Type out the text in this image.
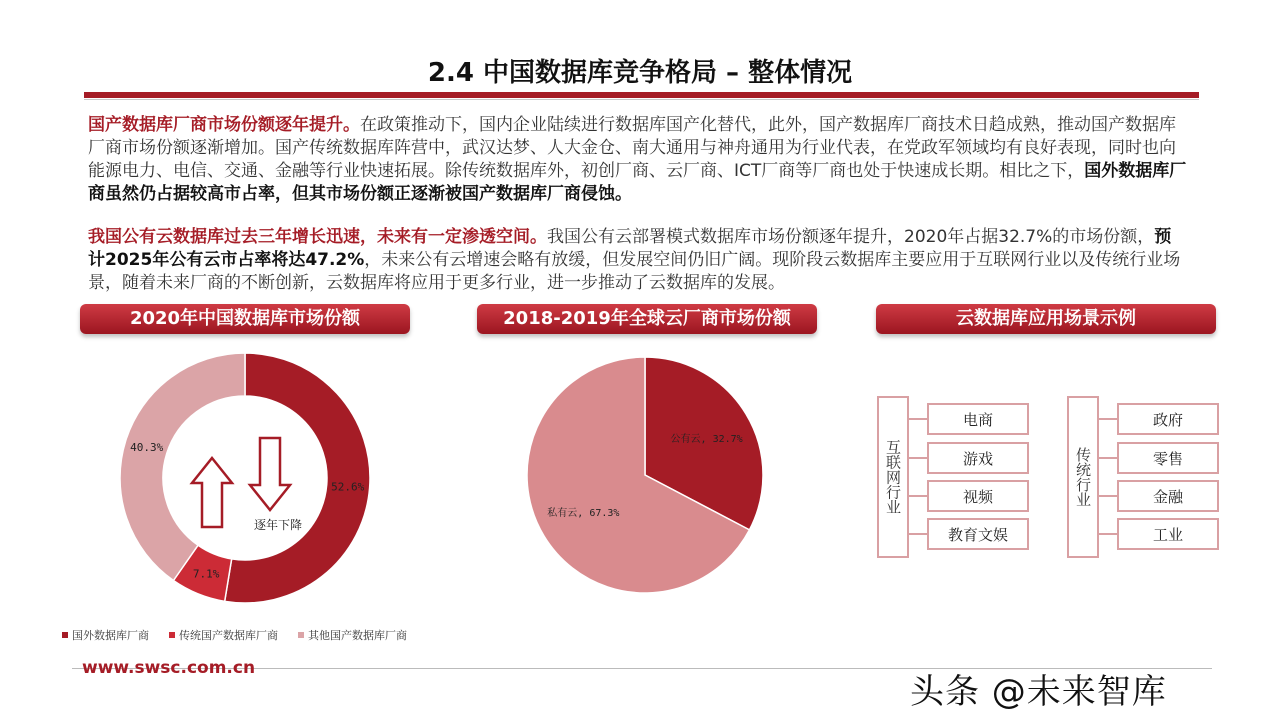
2.4 中国数据库竞争格局 – 整体情况
国产数据库厂商市场份额逐年提升。在政策推动下，国内企业陆续进行数据库国产化替代，此外，国产数据库厂商技术日趋成熟，推动国产数据库厂商市场份额逐渐增加。国产传统数据库阵营中，武汉达梦、人大金仓、南大通用与神舟通用为行业代表，在党政军领域均有良好表现，同时也向能源电力、电信、交通、金融等行业快速拓展。除传统数据库外，初创厂商、云厂商、ICT厂商等厂商也处于快速成长期。相比之下，国外数据库厂商虽然仍占据较高市占率，但其市场份额正逐渐被国产数据库厂商侵蚀。
我国公有云数据库过去三年增长迅速，未来有一定渗透空间。我国公有云部署模式数据库市场份额逐年提升，2020年占据32.7%的市场份额，预计2025年公有云市占率将达47.2%，未来公有云增速会略有放缓，但发展空间仍旧广阔。现阶段云数据库主要应用于互联网行业以及传统行业场景，随着未来厂商的不断创新，云数据库将应用于更多行业，进一步推动了云数据库的发展。
2020年中国数据库市场份额	2018-2019年全球云厂商市场份额	云数据库应用场景示例
52.6%
7.1%
40.3%
逐年下降
国外数据库厂商	传统国产数据库厂商	其他国产数据库厂商
公有云, 32.7%
私有云, 67.3%	互联网行业
电商
游戏
视频
教育文娱
传统行业
政府
零售
金融
工业
www.swsc.com.cn
头条 @未来智库
